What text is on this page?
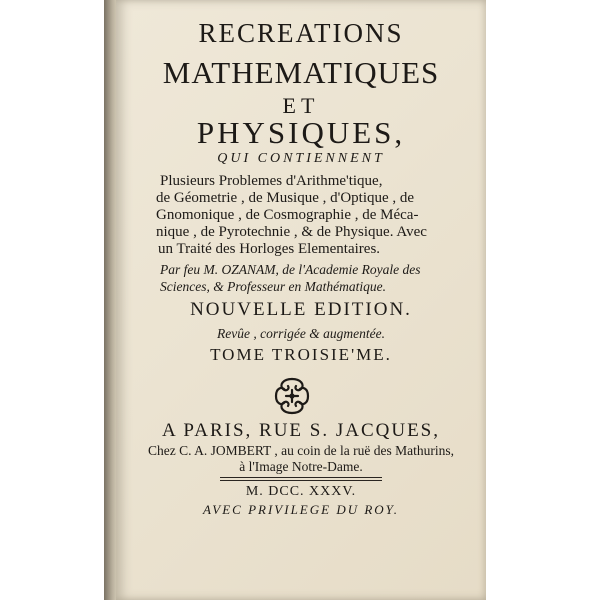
RECREATIONS
MATHEMATIQUES
ET
PHYSIQUES,
QUI CONTIENNENT
Plusieurs Problemes d'Arithme'tique,
de Géometrie , de Musique , d'Optique , de
Gnomonique , de Cosmographie , de Méca-
nique , de Pyrotechnie , & de Physique. Avec
un Traité des Horloges Elementaires.
Par feu M. OZANAM, de l'Academie Royale des
Sciences, & Professeur en Mathématique.
NOUVELLE EDITION.
Revûe , corrigée & augmentée.
TOME TROISIE'ME.
A PARIS, RUE S. JACQUES,
Chez C. A. JOMBERT , au coin de la ruë des Mathurins,
à l'Image Notre-Dame.
M. DCC. XXXV.
AVEC PRIVILEGE DU ROY.
